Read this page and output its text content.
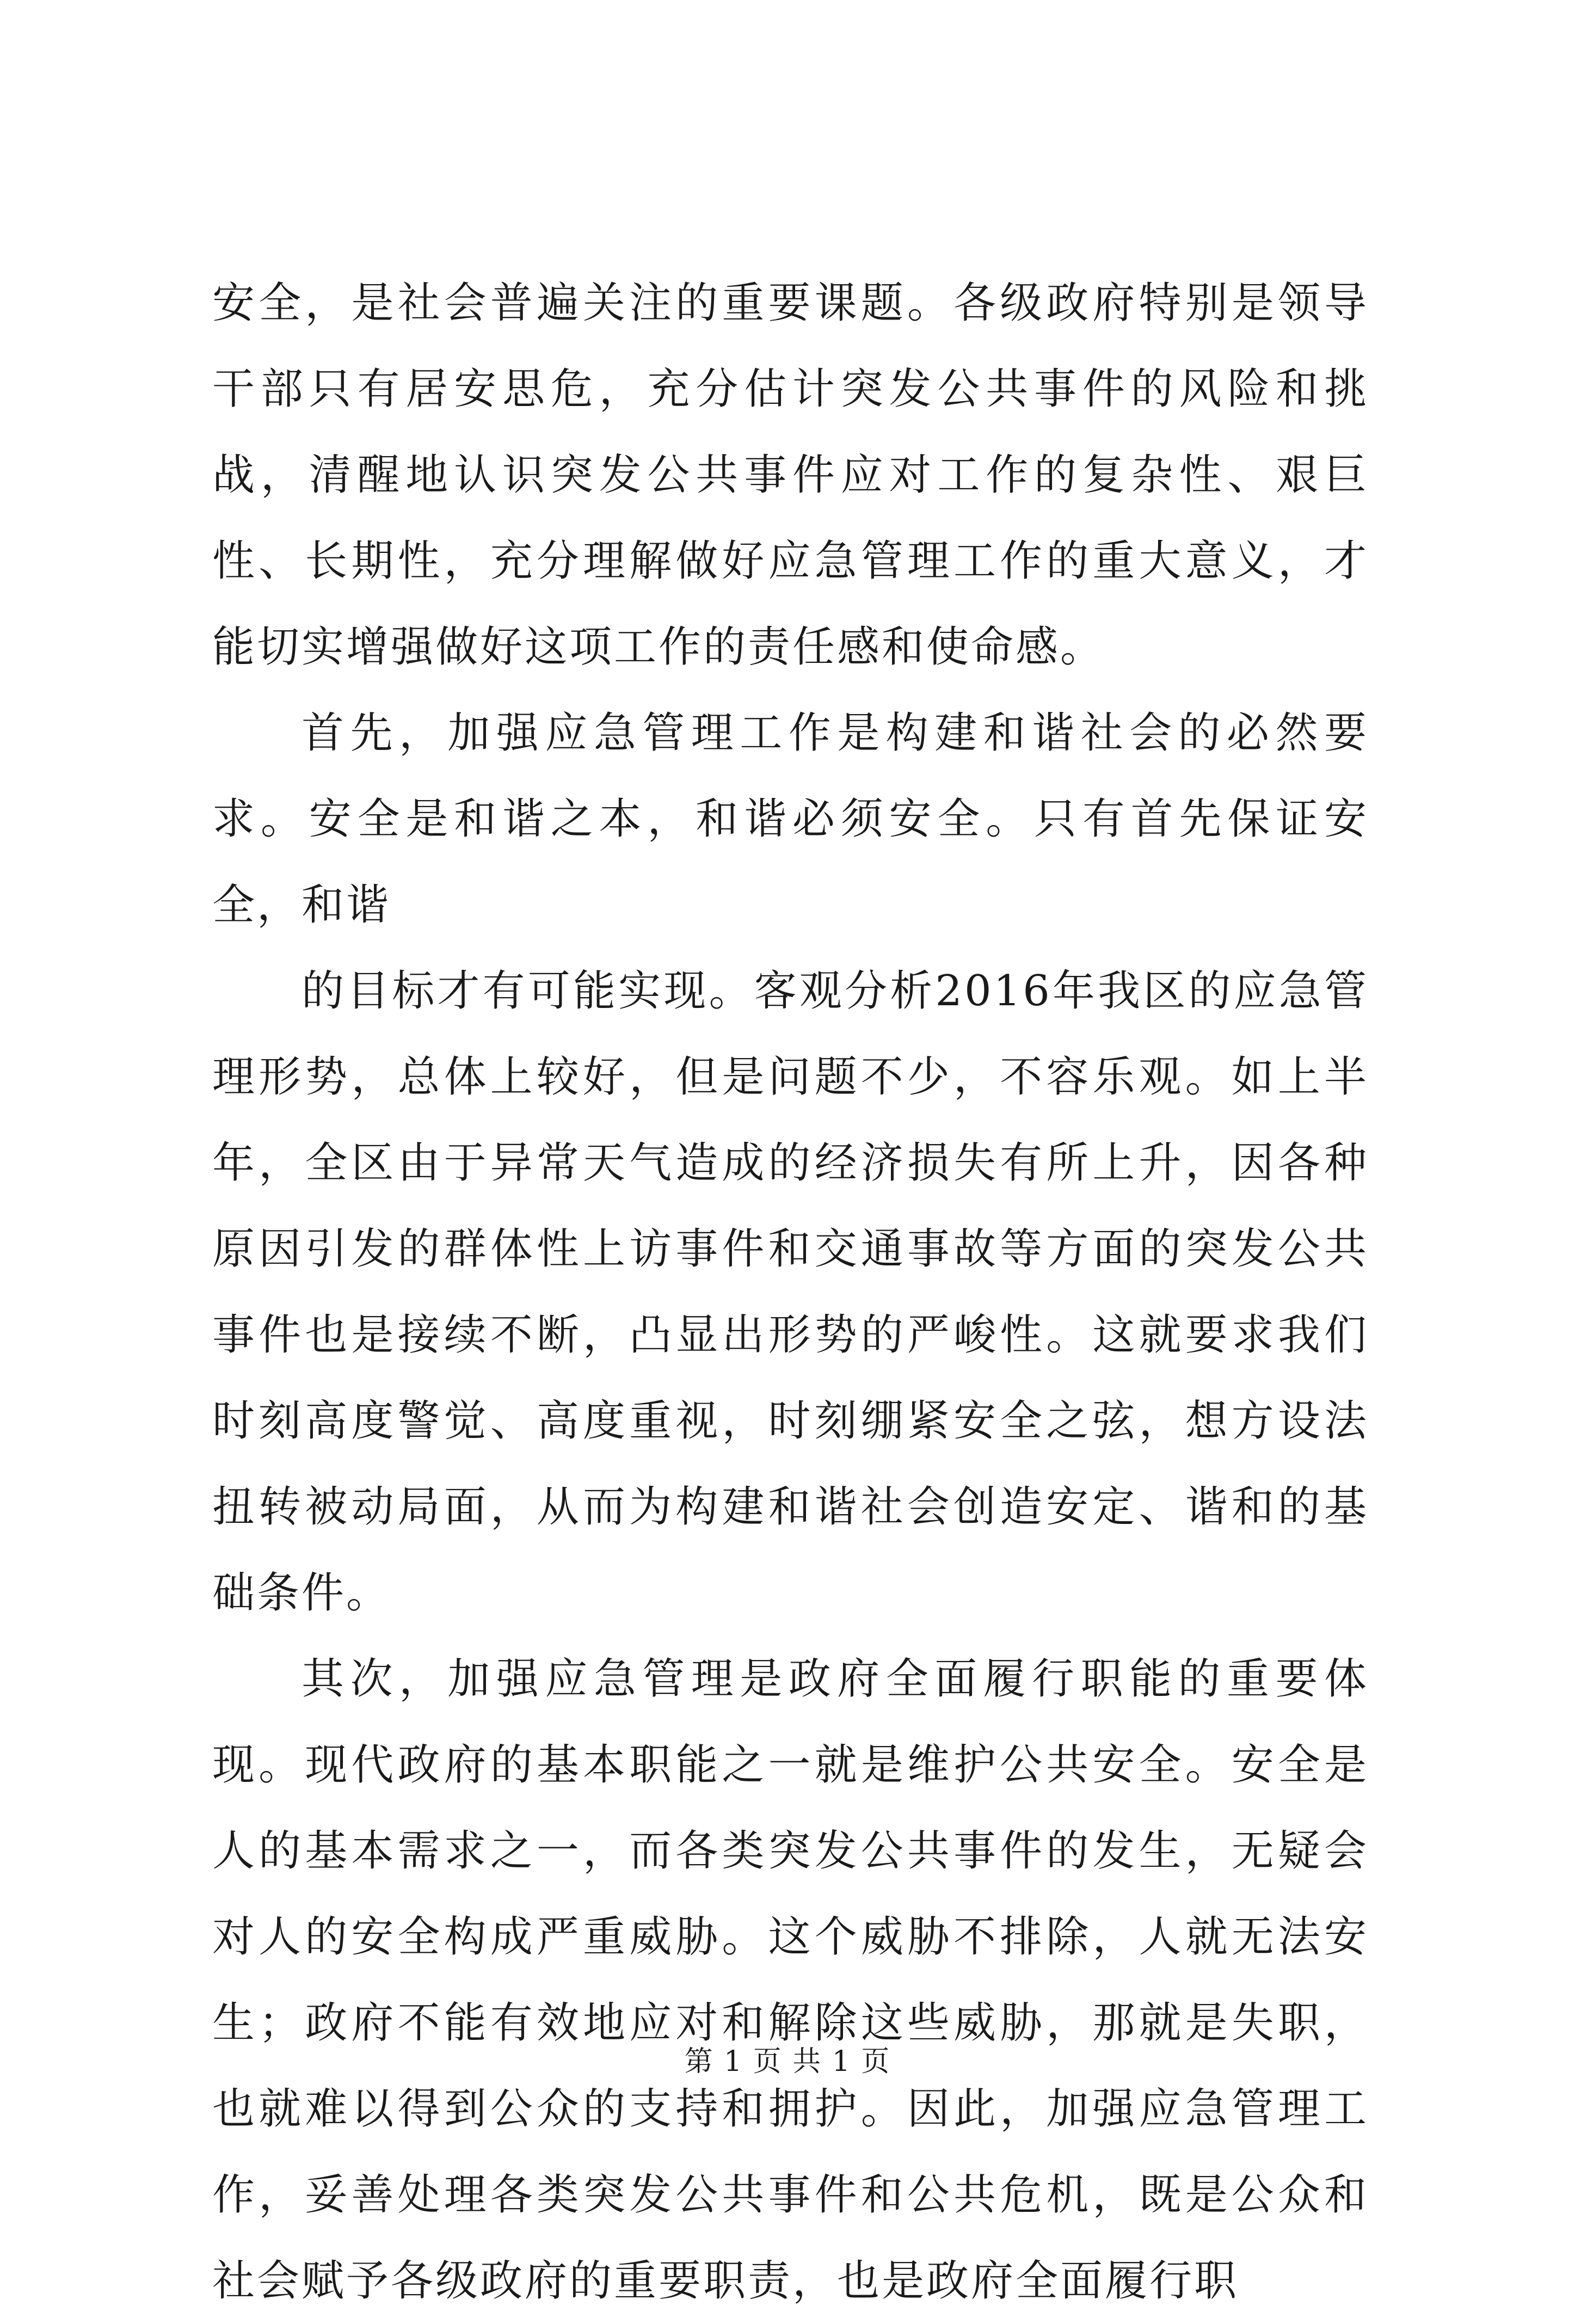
安全，是社会普遍关注的重要课题。各级政府特别是领导干部只有居安思危，充分估计突发公共事件的风险和挑战，清醒地认识突发公共事件应对工作的复杂性、艰巨性、长期性，充分理解做好应急管理工作的重大意义，才能切实增强做好这项工作的责任感和使命感。

首先，加强应急管理工作是构建和谐社会的必然要求。安全是和谐之本，和谐必须安全。只有首先保证安全，和谐

的目标才有可能实现。客观分析2016年我区的应急管理形势，总体上较好，但是问题不少，不容乐观。如上半年，全区由于异常天气造成的经济损失有所上升，因各种原因引发的群体性上访事件和交通事故等方面的突发公共事件也是接续不断，凸显出形势的严峻性。这就要求我们时刻高度警觉、高度重视，时刻绷紧安全之弦，想方设法扭转被动局面，从而为构建和谐社会创造安定、谐和的基础条件。

其次，加强应急管理是政府全面履行职能的重要体现。现代政府的基本职能之一就是维护公共安全。安全是人的基本需求之一，而各类突发公共事件的发生，无疑会对人的安全构成严重威胁。这个威胁不排除，人就无法安生；政府不能有效地应对和解除这些威胁，那就是失职，也就难以得到公众的支持和拥护。因此，加强应急管理工作，妥善处理各类突发公共事件和公共危机，既是公众和社会赋予各级政府的重要职责，也是政府全面履行职

第 1 页 共 1 页
